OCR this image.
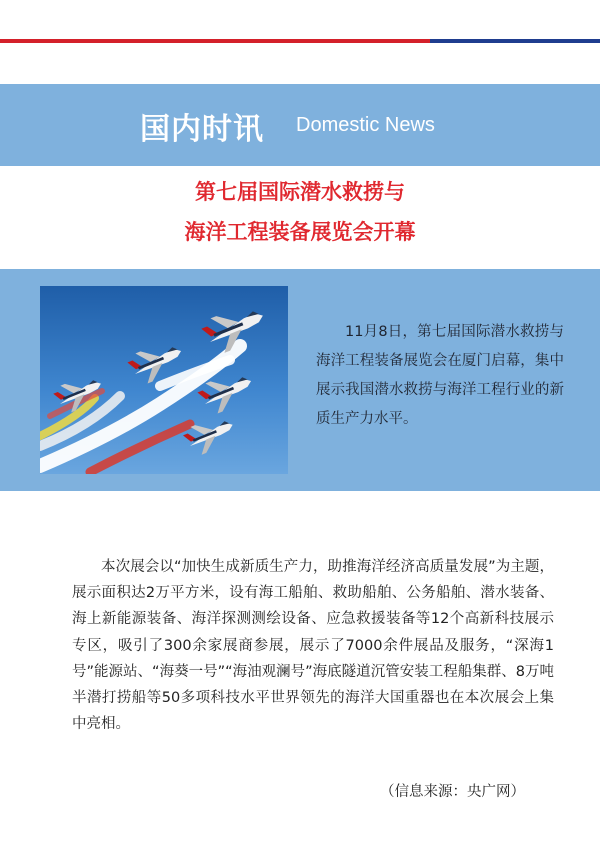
国内时讯 Domestic News
第七届国际潜水救捞与
海洋工程装备展览会开幕
11月8日，第七届国际潜水救捞与海洋工程装备展览会在厦门启幕，集中展示我国潜水救捞与海洋工程行业的新质生产力水平。
本次展会以“加快生成新质生产力，助推海洋经济高质量发展”为主题，展示面积达2万平方米，设有海工船舶、救助船舶、公务船舶、潜水装备、海上新能源装备、海洋探测测绘设备、应急救援装备等12个高新科技展示专区，吸引了300余家展商参展，展示了7000余件展品及服务，“深海1号”能源站、“海葵一号”“海油观澜号”海底隧道沉管安装工程船集群、8万吨半潜打捞船等50多项科技水平世界领先的海洋大国重器也在本次展会上集中亮相。
（信息来源：央广网）
